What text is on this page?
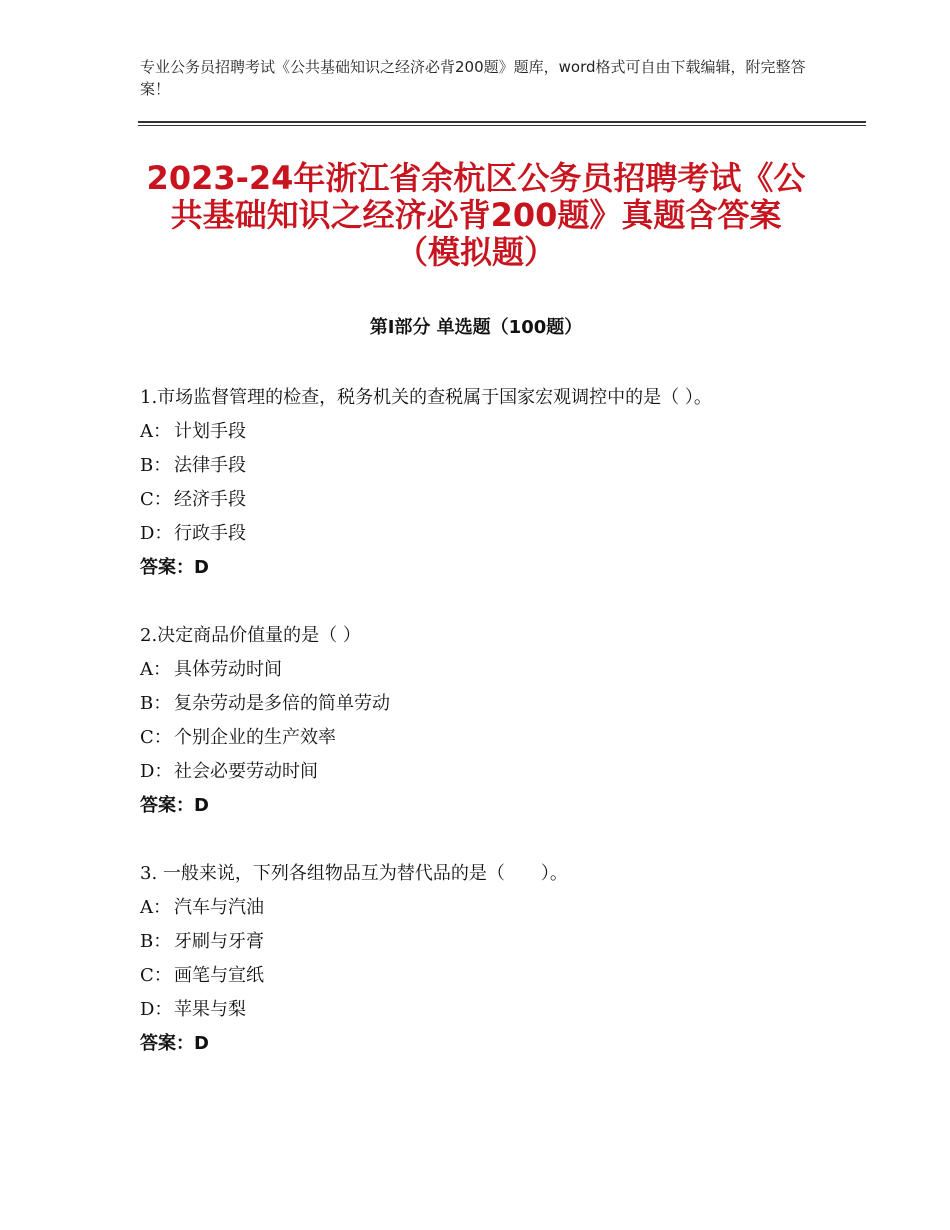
专业公务员招聘考试《公共基础知识之经济必背200题》题库，word格式可自由下载编辑，附完整答案！
2023-24年浙江省余杭区公务员招聘考试《公共基础知识之经济必背200题》真题含答案（模拟题）
第Ⅰ部分 单选题（100题）
1.市场监督管理的检查，税务机关的查税属于国家宏观调控中的是（ ）。
A： 计划手段
B： 法律手段
C： 经济手段
D： 行政手段
答案：D
2.决定商品价值量的是（ ）
A： 具体劳动时间
B： 复杂劳动是多倍的简单劳动
C： 个别企业的生产效率
D： 社会必要劳动时间
答案：D
3. 一般来说，下列各组物品互为替代品的是（　　）。
A： 汽车与汽油
B： 牙刷与牙膏
C： 画笔与宣纸
D： 苹果与梨
答案：D
